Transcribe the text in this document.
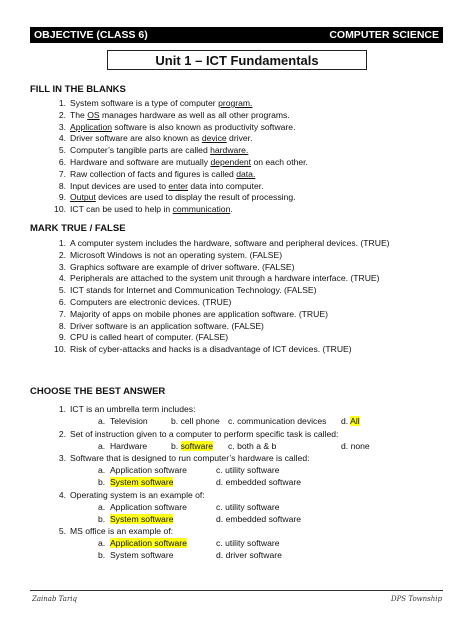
OBJECTIVE (CLASS 6)	COMPUTER SCIENCE
Unit 1 – ICT Fundamentals
FILL IN THE BLANKS
1. System software is a type of computer program.
2. The OS manages hardware as well as all other programs.
3. Application software is also known as productivity software.
4. Driver software are also known as device driver.
5. Computer’s tangible parts are called hardware.
6. Hardware and software are mutually dependent on each other.
7. Raw collection of facts and figures is called data.
8. Input devices are used to enter data into computer.
9. Output devices are used to display the result of processing.
10. ICT can be used to help in communication.
MARK TRUE / FALSE
1. A computer system includes the hardware, software and peripheral devices. (TRUE)
2. Microsoft Windows is not an operating system. (FALSE)
3. Graphics software are example of driver software. (FALSE)
4. Peripherals are attached to the system unit through a hardware interface. (TRUE)
5. ICT stands for Internet and Communication Technology. (FALSE)
6. Computers are electronic devices. (TRUE)
7. Majority of apps on mobile phones are application software. (TRUE)
8. Driver software is an application software. (FALSE)
9. CPU is called heart of computer. (FALSE)
10. Risk of cyber-attacks and hacks is a disadvantage of ICT devices. (TRUE)
CHOOSE THE BEST ANSWER
1. ICT is an umbrella term includes:
a. Television	b. cell phone c. communication devices d. All
2. Set of instruction given to a computer to perform specific task is called:
a. Hardware	b. software c. both a & b	d. none
3. Software that is designed to run computer’s hardware is called:
a. Application software	c. utility software
b. System software	d. embedded software
4. Operating system is an example of:
a. Application software	c. utility software
b. System software	d. embedded software
5. MS office is an example of:
a. Application software	c. utility software
b. System software	d. driver software
Zainab Tariq	DPS Township
